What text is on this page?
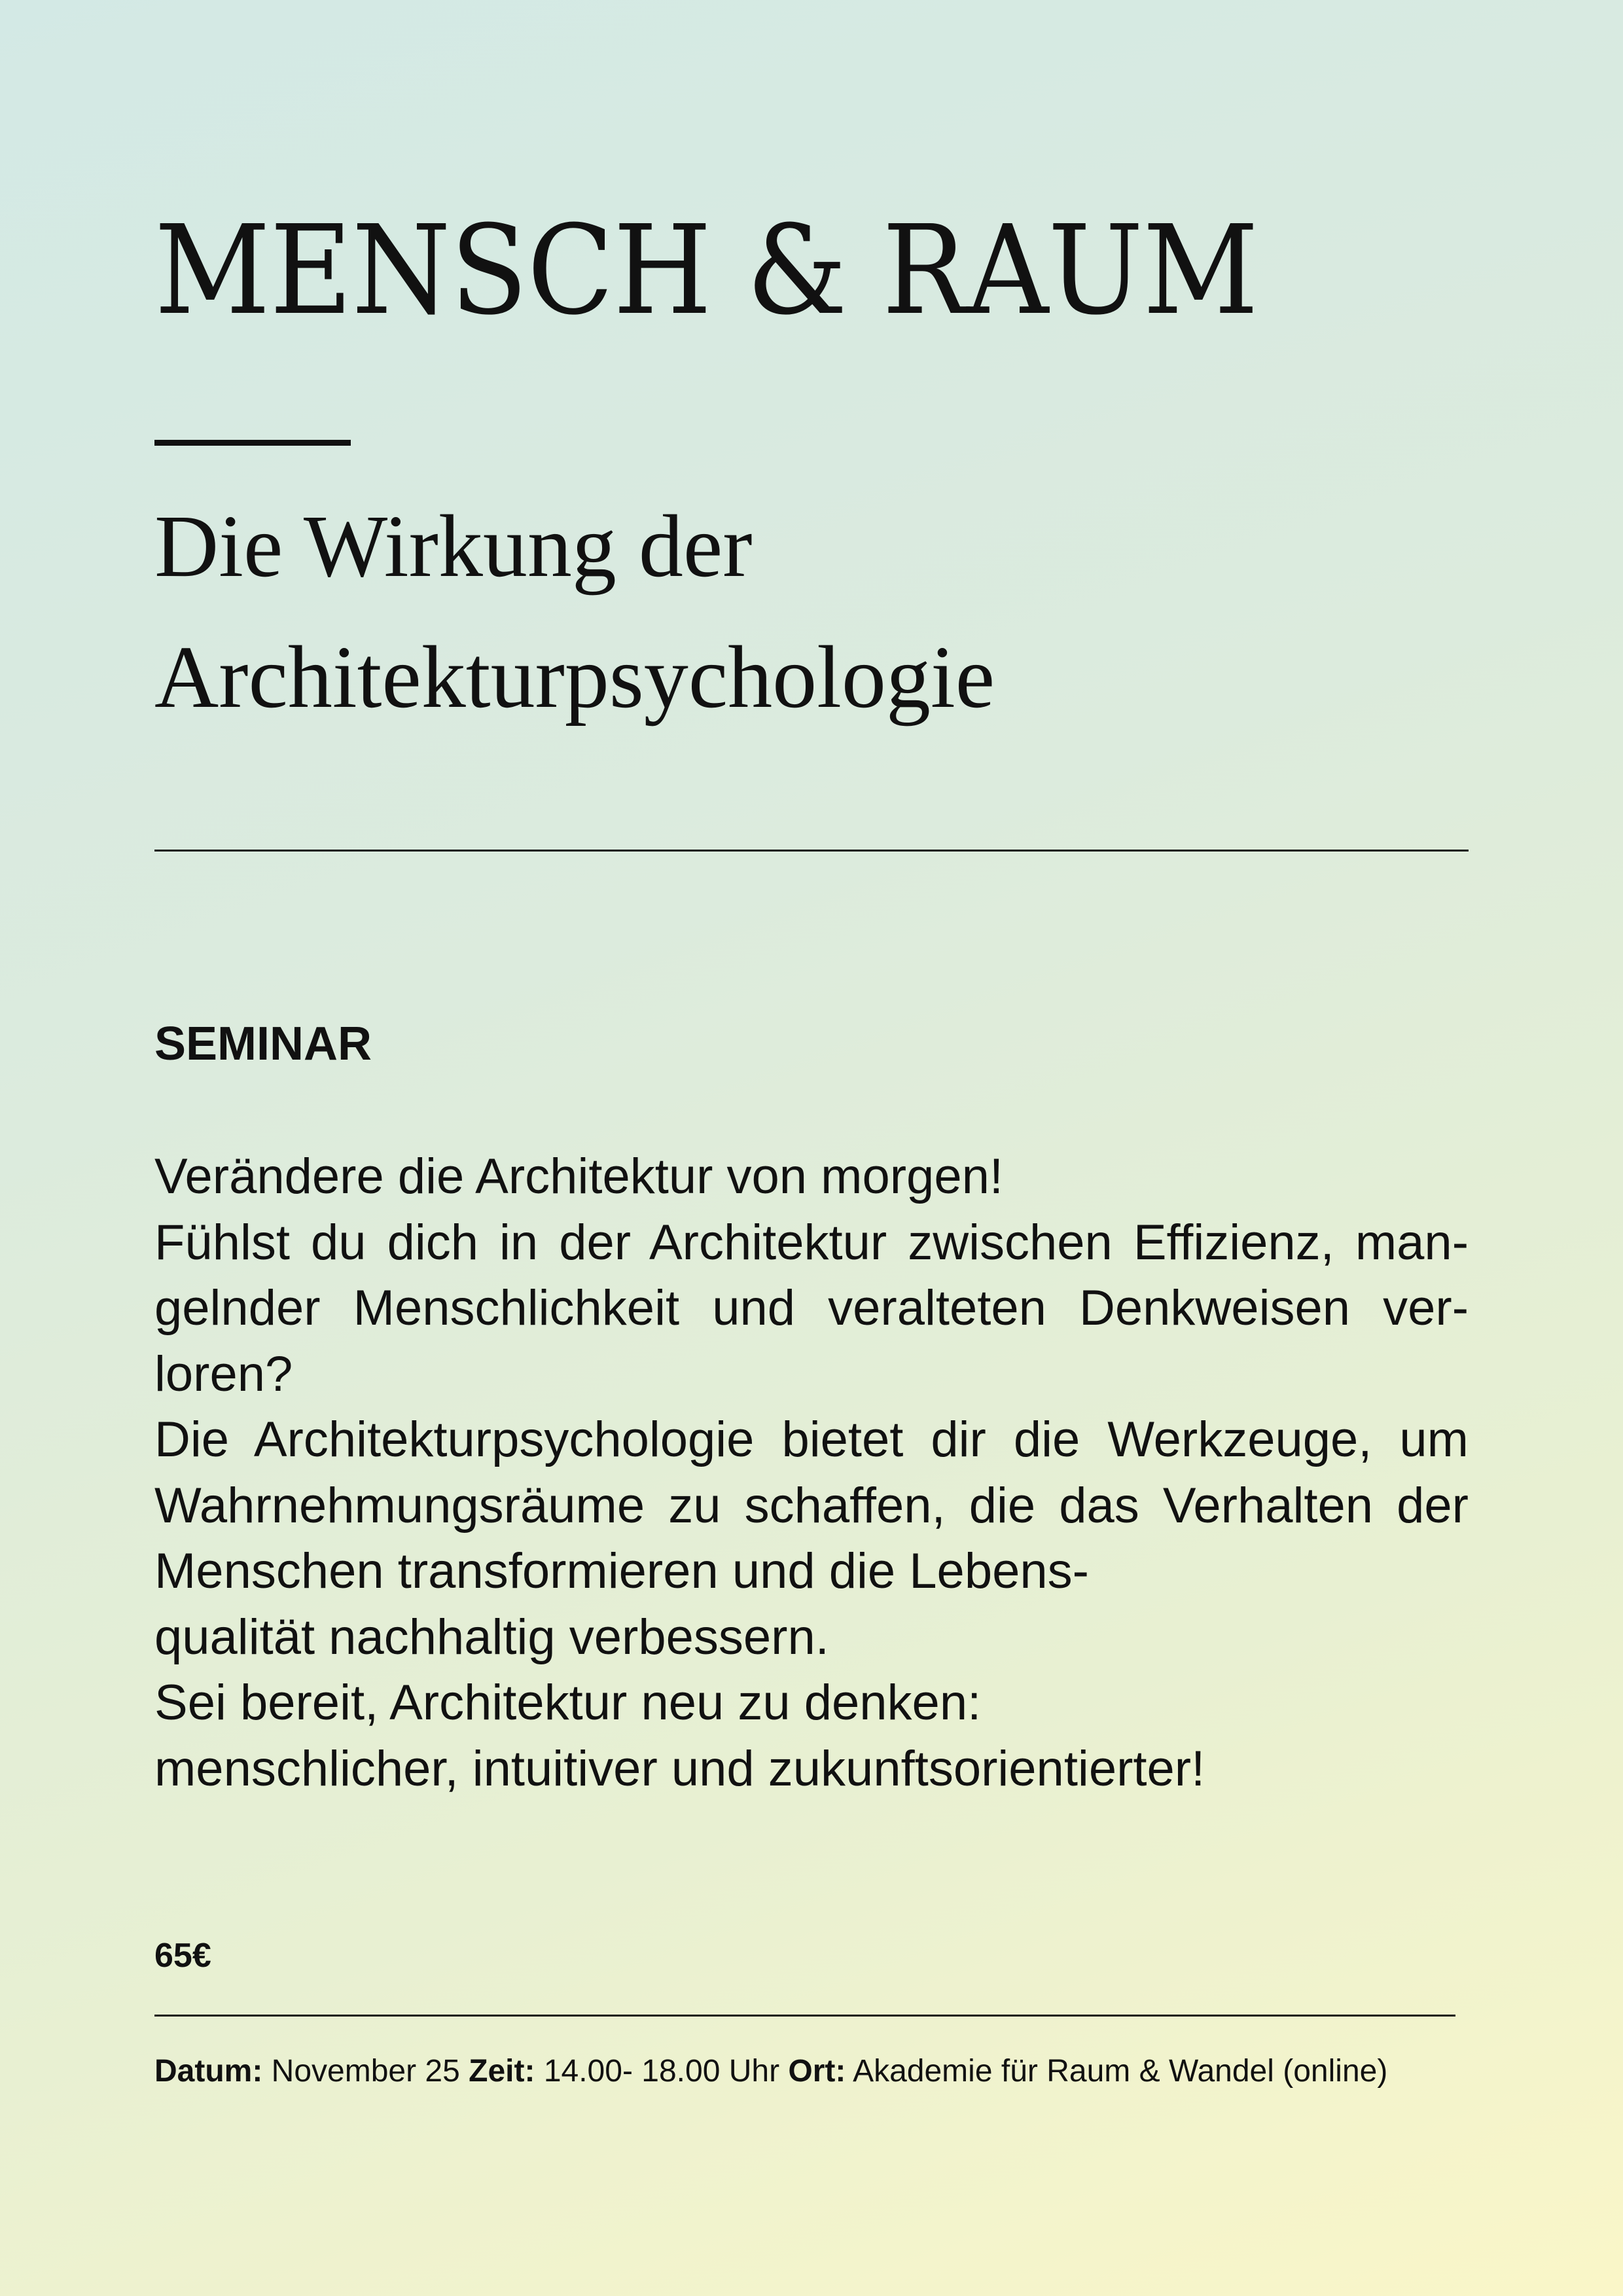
MENSCH & RAUM
Die Wirkung der
Architekturpsychologie
SEMINAR
Verändere die Architektur von morgen!
Fühlst du dich in der Architektur zwischen Effizienz, man-
gelnder Menschlichkeit und veralteten Denkweisen ver-
loren?
Die Architekturpsychologie bietet dir die Werkzeuge, um
Wahrnehmungsräume zu schaffen, die das Verhalten der
Menschen transformieren und die Lebens-
qualität nachhaltig verbessern.
Sei bereit, Architektur neu zu denken:
menschlicher, intuitiver und zukunftsorientierter!
65€
Datum: November 25 Zeit: 14.00- 18.00 Uhr Ort: Akademie für Raum & Wandel (online)
